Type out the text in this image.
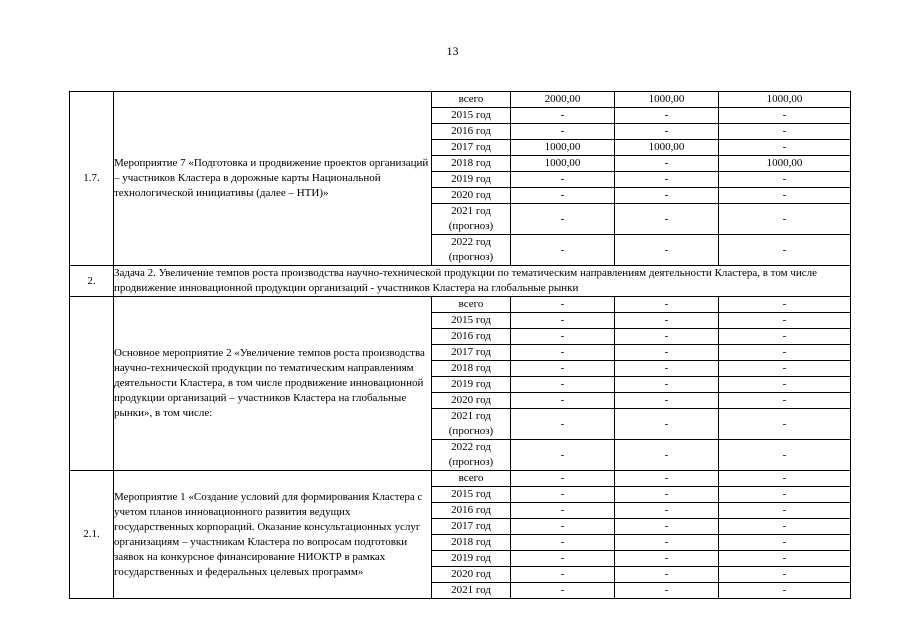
13
1.7.	Мероприятие 7 «Подготовка и продвижение проектов организаций – участников Кластера в дорожные карты Национальной технологической инициативы (далее – НТИ)»	всего	2000,00	1000,00	1000,00
		2015 год	-	-	-
		2016 год	-	-	-
		2017 год	1000,00	1000,00	-
		2018 год	1000,00	-	1000,00
		2019 год	-	-	-
		2020 год	-	-	-
		2021 год (прогноз)	-	-	-
		2022 год (прогноз)	-	-	-
2.	Задача 2. Увеличение темпов роста производства научно-технической продукции по тематическим направлениям деятельности Кластера, в том числе продвижение инновационной продукции организаций - участников Кластера на глобальные рынки				
	Основное мероприятие 2 «Увеличение темпов роста производства научно-технической продукции по тематическим направлениям деятельности Кластера, в том числе продвижение инновационной продукции организаций – участников Кластера на глобальные рынки», в том числе:	всего	-	-	-
		2015 год	-	-	-
		2016 год	-	-	-
		2017 год	-	-	-
		2018 год	-	-	-
		2019 год	-	-	-
		2020 год	-	-	-
		2021 год (прогноз)	-	-	-
		2022 год (прогноз)	-	-	-
2.1.	Мероприятие 1 «Создание условий для формирования Кластера с учетом планов инновационного развития ведущих государственных корпораций. Оказание консультационных услуг организациям – участникам Кластера по вопросам подготовки заявок на конкурсное финансирование НИОКТР в рамках государственных и федеральных целевых программ»	всего	-	-	-
		2015 год	-	-	-
		2016 год	-	-	-
		2017 год	-	-	-
		2018 год	-	-	-
		2019 год	-	-	-
		2020 год	-	-	-
		2021 год	-	-	-
